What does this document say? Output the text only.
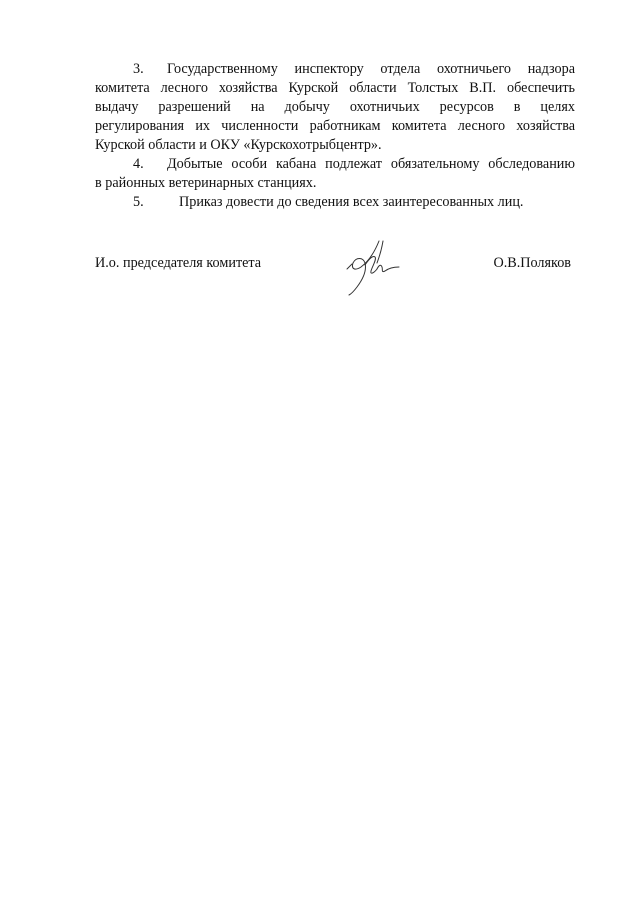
3. Государственному инспектору отдела охотничьего надзора
комитета лесного хозяйства Курской области Толстых В.П. обеспечить
выдачу разрешений на добычу охотничьих ресурсов в целях
регулирования их численности работникам комитета лесного хозяйства
Курской области и ОКУ «Курскохотрыбцентр».
4. Добытые особи кабана подлежат обязательному обследованию
в районных ветеринарных станциях.
5. Приказ довести до сведения всех заинтересованных лиц.
И.о. председателя комитета	О.В.Поляков
